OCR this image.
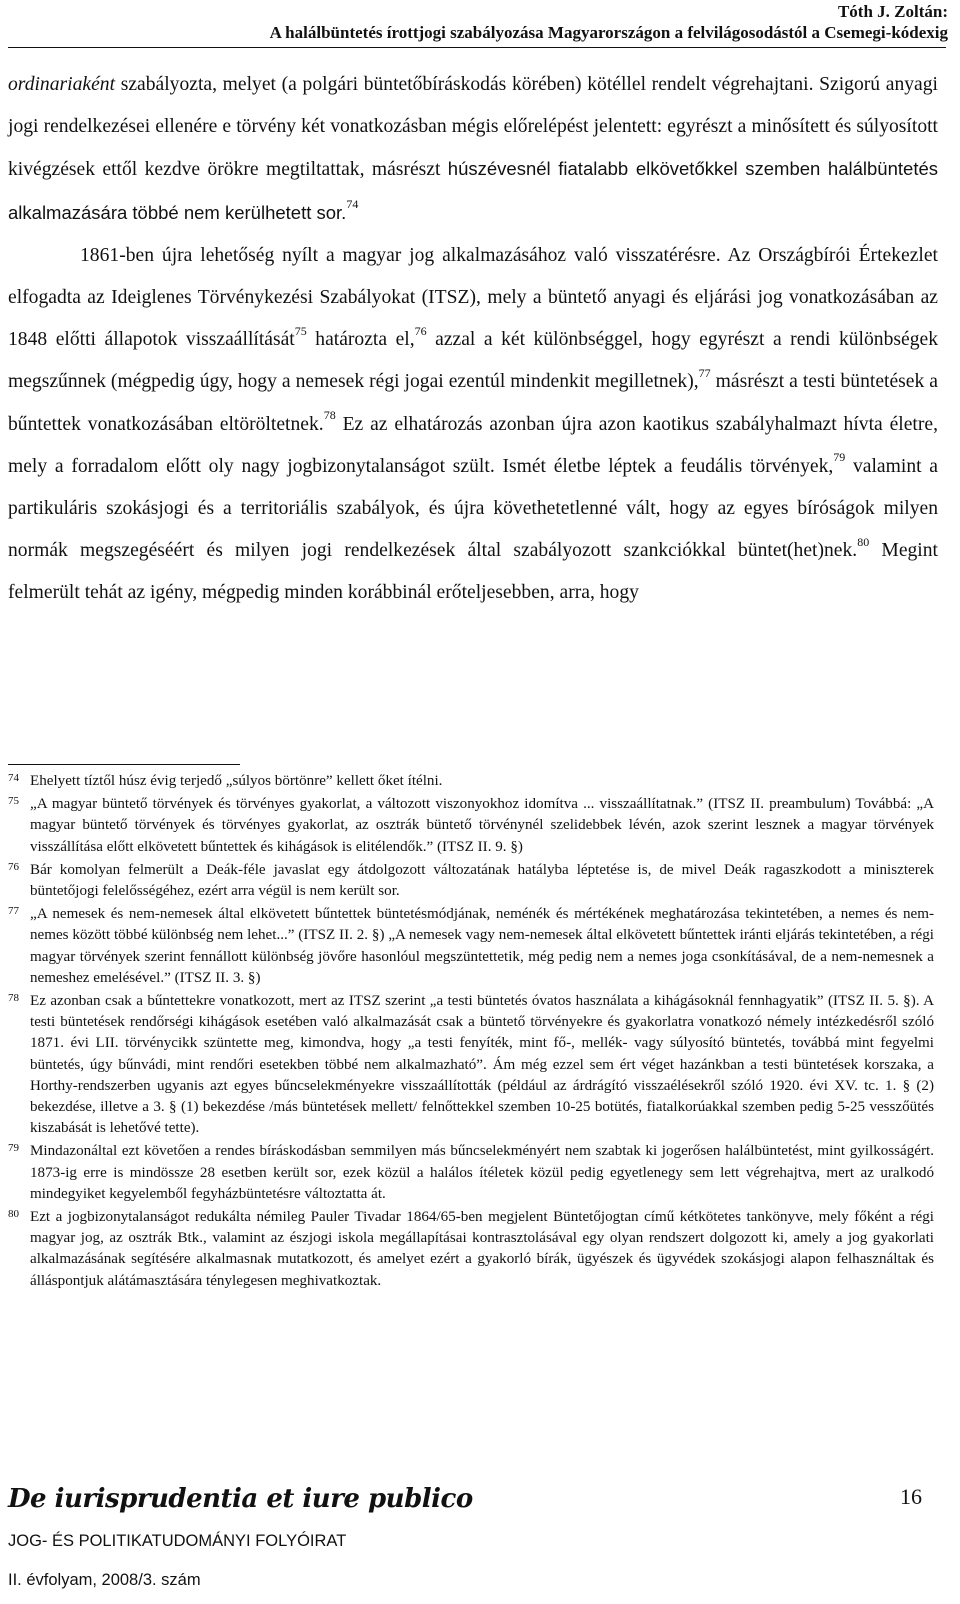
Tóth J. Zoltán:
A halálbüntetés írottjogi szabályozása Magyarországon a felvilágosodástól a Csemegi-kódexig

ordinariaként szabályozta, melyet (a polgári büntetőbíráskodás körében) kötéllel rendelt végrehajtani. Szigorú anyagi jogi rendelkezései ellenére e törvény két vonatkozásban mégis előrelépést jelentett: egyrészt a minősített és súlyosított kivégzések ettől kezdve örökre megtiltattak, másrészt húszévesnél fiatalabb elkövetőkkel szemben halálbüntetés alkalmazására többé nem kerülhetett sor.$^{74}$

1861-ben újra lehetőség nyílt a magyar jog alkalmazásához való visszatérésre. Az Országbírói Értekezlet elfogadta az Ideiglenes Törvénykezési Szabályokat (ITSZ), mely a büntető anyagi és eljárási jog vonatkozásában az 1848 előtti állapotok visszaállítását$^{75}$ határozta el,$^{76}$ azzal a két különbséggel, hogy egyrészt a rendi különbségek megszűnnek (mégpedig úgy, hogy a nemesek régi jogai ezentúl mindenkit megilletnek),$^{77}$ másrészt a testi büntetések a bűntettek vonatkozásában eltöröltetnek.$^{78}$ Ez az elhatározás azonban újra azon kaotikus szabályhalmazt hívta életre, mely a forradalom előtt oly nagy jogbizonytalanságot szült. Ismét életbe léptek a feudális törvények,$^{79}$ valamint a partikuláris szokásjogi és a territoriális szabályok, és újra követhetetlenné vált, hogy az egyes bíróságok milyen normák megszegéséért és milyen jogi rendelkezések által szabályozott szankciókkal büntet(het)nek.$^{80}$ Megint felmerült tehát az igény, mégpedig minden korábbinál erőteljesebben, arra, hogy

74 Ehelyett tíztől húsz évig terjedő „súlyos börtönre” kellett őket ítélni.
75 „A magyar büntető törvények és törvényes gyakorlat, a változott viszonyokhoz idomítva ... visszaállítatnak.” (ITSZ II. preambulum) Továbbá: „A magyar büntető törvények és törvényes gyakorlat, az osztrák büntető törvénynél szelidebbek lévén, azok szerint lesznek a magyar törvények visszállítása előtt elkövetett bűntettek és kihágások is elitélendők.” (ITSZ II. 9. §)
76 Bár komolyan felmerült a Deák-féle javaslat egy átdolgozott változatának hatályba léptetése is, de mivel Deák ragaszkodott a miniszterek büntetőjogi felelősségéhez, ezért arra végül is nem került sor.
77 „A nemesek és nem-nemesek által elkövetett bűntettek büntetésmódjának, neménék és mértékének meghatározása tekintetében, a nemes és nem-nemes között többé különbség nem lehet...” (ITSZ II. 2. §) „A nemesek vagy nem-nemesek által elkövetett bűntettek iránti eljárás tekintetében, a régi magyar törvények szerint fennállott különbség jövőre hasonlóul megszüntettetik, még pedig nem a nemes joga csonkításával, de a nem-nemesnek a nemeshez emelésével.” (ITSZ II. 3. §)
78 Ez azonban csak a bűntettekre vonatkozott, mert az ITSZ szerint „a testi büntetés óvatos használata a kihágásoknál fennhagyatik” (ITSZ II. 5. §). A testi büntetések rendőrségi kihágások esetében való alkalmazását csak a büntető törvényekre és gyakorlatra vonatkozó némely intézkedésről szóló 1871. évi LII. törvénycikk szüntette meg, kimondva, hogy „a testi fenyíték, mint fő-, mellék- vagy súlyosító büntetés, továbbá mint fegyelmi büntetés, úgy bűnvádi, mint rendőri esetekben többé nem alkalmazható”. Ám még ezzel sem ért véget hazánkban a testi büntetések korszaka, a Horthy-rendszerben ugyanis azt egyes bűncselekményekre visszaállították (például az árdrágító visszaélésekről szóló 1920. évi XV. tc. 1. § (2) bekezdése, illetve a 3. § (1) bekezdése /más büntetések mellett/ felnőttekkel szemben 10-25 botütés, fiatalkorúakkal szemben pedig 5-25 vesszőütés kiszabását is lehetővé tette).
79 Mindazonáltal ezt követően a rendes bíráskodásban semmilyen más bűncselekményért nem szabtak ki jogerősen halálbüntetést, mint gyilkosságért. 1873-ig erre is mindössze 28 esetben került sor, ezek közül a halálos ítéletek közül pedig egyetlenegy sem lett végrehajtva, mert az uralkodó mindegyiket kegyelemből fegyházbüntetésre változtatta át.
80 Ezt a jogbizonytalanságot redukálta némileg Pauler Tivadar 1864/65-ben megjelent Büntetőjogtan című kétkötetes tankönyve, mely főként a régi magyar jog, az osztrák Btk., valamint az észjogi iskola megállapításai kontrasztolásával egy olyan rendszert dolgozott ki, amely a jog gyakorlati alkalmazásának segítésére alkalmasnak mutatkozott, és amelyet ezért a gyakorló bírák, ügyészek és ügyvédek szokásjogi alapon felhasználtak és álláspontjuk alátámasztására ténylegesen meghivatkoztak.
De iurisprudentia et iure publico	16
JOG- ÉS POLITIKATUDOMÁNYI FOLYÓIRAT
II. évfolyam, 2008/3. szám
